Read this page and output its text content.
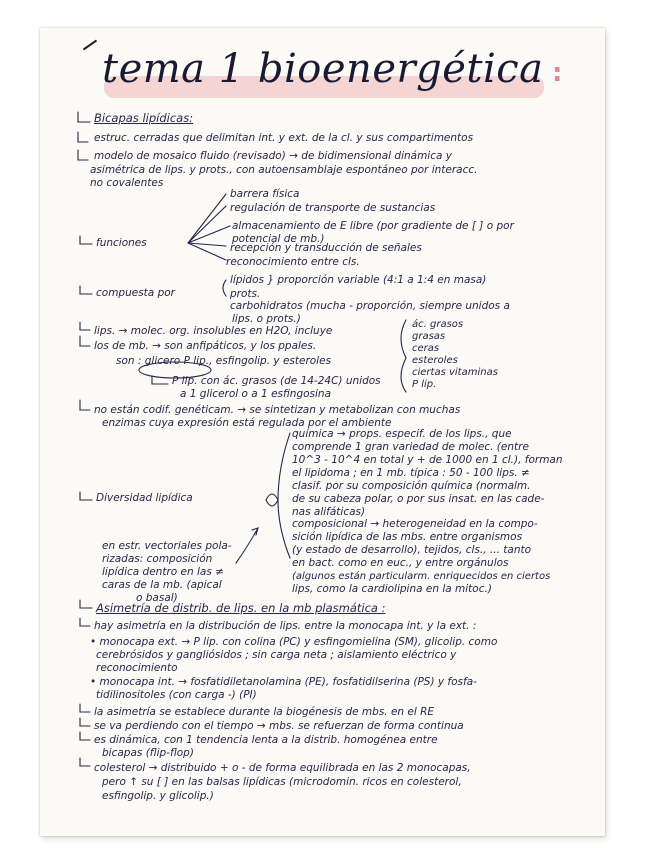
tema 1 bioenergética :
Bicapas lipídicas:
estruc. cerradas que delimitan int. y ext. de la cl. y sus compartimentos
modelo de mosaico fluido (revisado) → de bidimensional dinámica y
asimétrica de lips. y prots., con autoensamblaje espontáneo por interacc.
no covalentes
funciones
barrera física
regulación de transporte de sustancias
almacenamiento de E libre (por gradiente de [ ] o por
potencial de mb.)
recepción y transducción de señales
reconocimiento entre cls.
compuesta por
lípidos } proporción variable (4:1 a 1:4 en masa)
prots.
carbohidratos (mucha - proporción, siempre unidos a
lips. o prots.)
lips. → molec. org. insolubles en H2O, incluye
los de mb. → son anfipáticos, y los ppales.
son : glicero P lip., esfingolip. y esteroles
P lip. con ác. grasos (de 14-24C) unidos
a 1 glicerol o a 1 esfingosina
no están codif. genéticam. → se sintetizan y metabolizan con muchas
enzimas cuya expresión está regulada por el ambiente
ác. grasos
grasas
ceras
esteroles
ciertas vitaminas
P lip.
Diversidad lipídica
química → props. especif. de los lips., que
comprende 1 gran variedad de molec. (entre
10^3 - 10^4 en total y + de 1000 en 1 cl.), forman
el lipidoma ; en 1 mb. típica : 50 - 100 lips. ≠
clasif. por su composición química (normalm.
de su cabeza polar, o por sus insat. en las cade-
nas alifáticas)
composicional → heterogeneidad en la compo-
sición lipídica de las mbs. entre organismos
(y estado de desarrollo), tejidos, cls., ... tanto
en bact. como en euc., y entre orgánulos
(algunos están particularm. enriquecidos en ciertos
lips, como la cardiolipina en la mitoc.)
en estr. vectoriales pola-
rizadas: composición
lipídica dentro en las ≠
caras de la mb. (apical
o basal)
Asimetría de distrib. de lips. en la mb plasmática :
hay asimetría en la distribución de lips. entre la monocapa int. y la ext. :
• monocapa ext. → P lip. con colina (PC) y esfingomielina (SM), glicolip. como
cerebrósidos y gangliósidos ; sin carga neta ; aislamiento eléctrico y
reconocimiento
• monocapa int. → fosfatidiletanolamina (PE), fosfatidilserina (PS) y fosfa-
tidilinositoles (con carga -) (PI)
la asimetría se establece durante la biogénesis de mbs. en el RE
se va perdiendo con el tiempo → mbs. se refuerzan de forma continua
es dinámica, con 1 tendencia lenta a la distrib. homogénea entre
bicapas (flip-flop)
colesterol → distribuido + o - de forma equilibrada en las 2 monocapas,
pero ↑ su [ ] en las balsas lipídicas (microdomin. ricos en colesterol,
esfingolip. y glicolip.)
